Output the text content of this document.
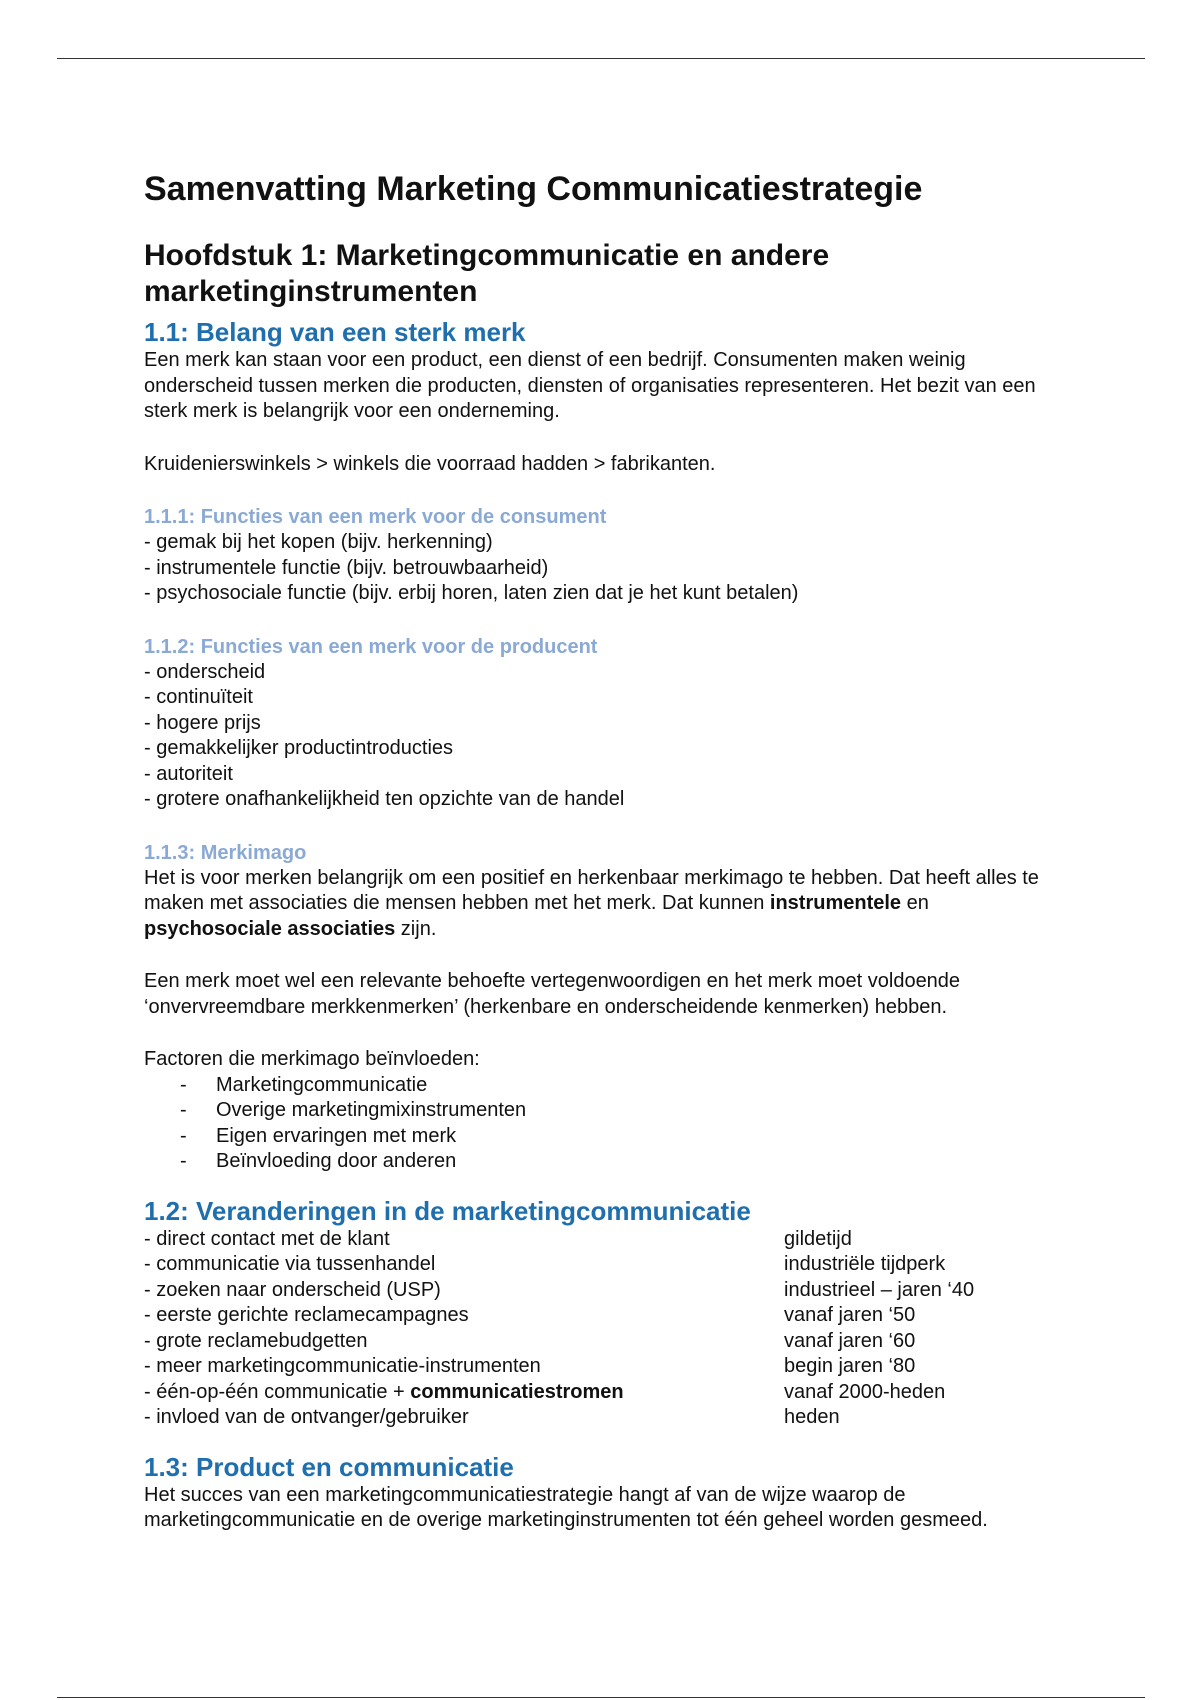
Samenvatting Marketing Communicatiestrategie
Hoofdstuk 1: Marketingcommunicatie en andere marketinginstrumenten
1.1: Belang van een sterk merk

Een merk kan staan voor een product, een dienst of een bedrijf. Consumenten maken weinig onderscheid tussen merken die producten, diensten of organisaties representeren. Het bezit van een sterk merk is belangrijk voor een onderneming.

Kruidenierswinkels > winkels die voorraad hadden > fabrikanten.

1.1.1: Functies van een merk voor de consument
- gemak bij het kopen (bijv. herkenning)
- instrumentele functie (bijv. betrouwbaarheid)
- psychosociale functie (bijv. erbij horen, laten zien dat je het kunt betalen)
1.1.2: Functies van een merk voor de producent
- onderscheid
- continuïteit
- hogere prijs
- gemakkelijker productintroducties
- autoriteit
- grotere onafhankelijkheid ten opzichte van de handel
1.1.3: Merkimago

Het is voor merken belangrijk om een positief en herkenbaar merkimago te hebben. Dat heeft alles te maken met associaties die mensen hebben met het merk. Dat kunnen instrumentele en psychosociale associaties zijn.

Een merk moet wel een relevante behoefte vertegenwoordigen en het merk moet voldoende ‘onvervreemdbare merkkenmerken’ (herkenbare en onderscheidende kenmerken) hebben.

Factoren die merkimago beïnvloeden:

- Marketingcommunicatie
- Overige marketingmixinstrumenten
- Eigen ervaringen met merk
- Beïnvloeding door anderen
1.2: Veranderingen in de marketingcommunicatie
- direct contact met de klant	gildetijd
- communicatie via tussenhandel	industriële tijdperk
- zoeken naar onderscheid (USP)	industrieel – jaren ‘40
- eerste gerichte reclamecampagnes	vanaf jaren ‘50
- grote reclamebudgetten	vanaf jaren ‘60
- meer marketingcommunicatie-instrumenten	begin jaren ‘80
- één-op-één communicatie + communicatiestromen	vanaf 2000-heden
- invloed van de ontvanger/gebruiker	heden
1.3: Product en communicatie

Het succes van een marketingcommunicatiestrategie hangt af van de wijze waarop de marketingcommunicatie en de overige marketinginstrumenten tot één geheel worden gesmeed.
